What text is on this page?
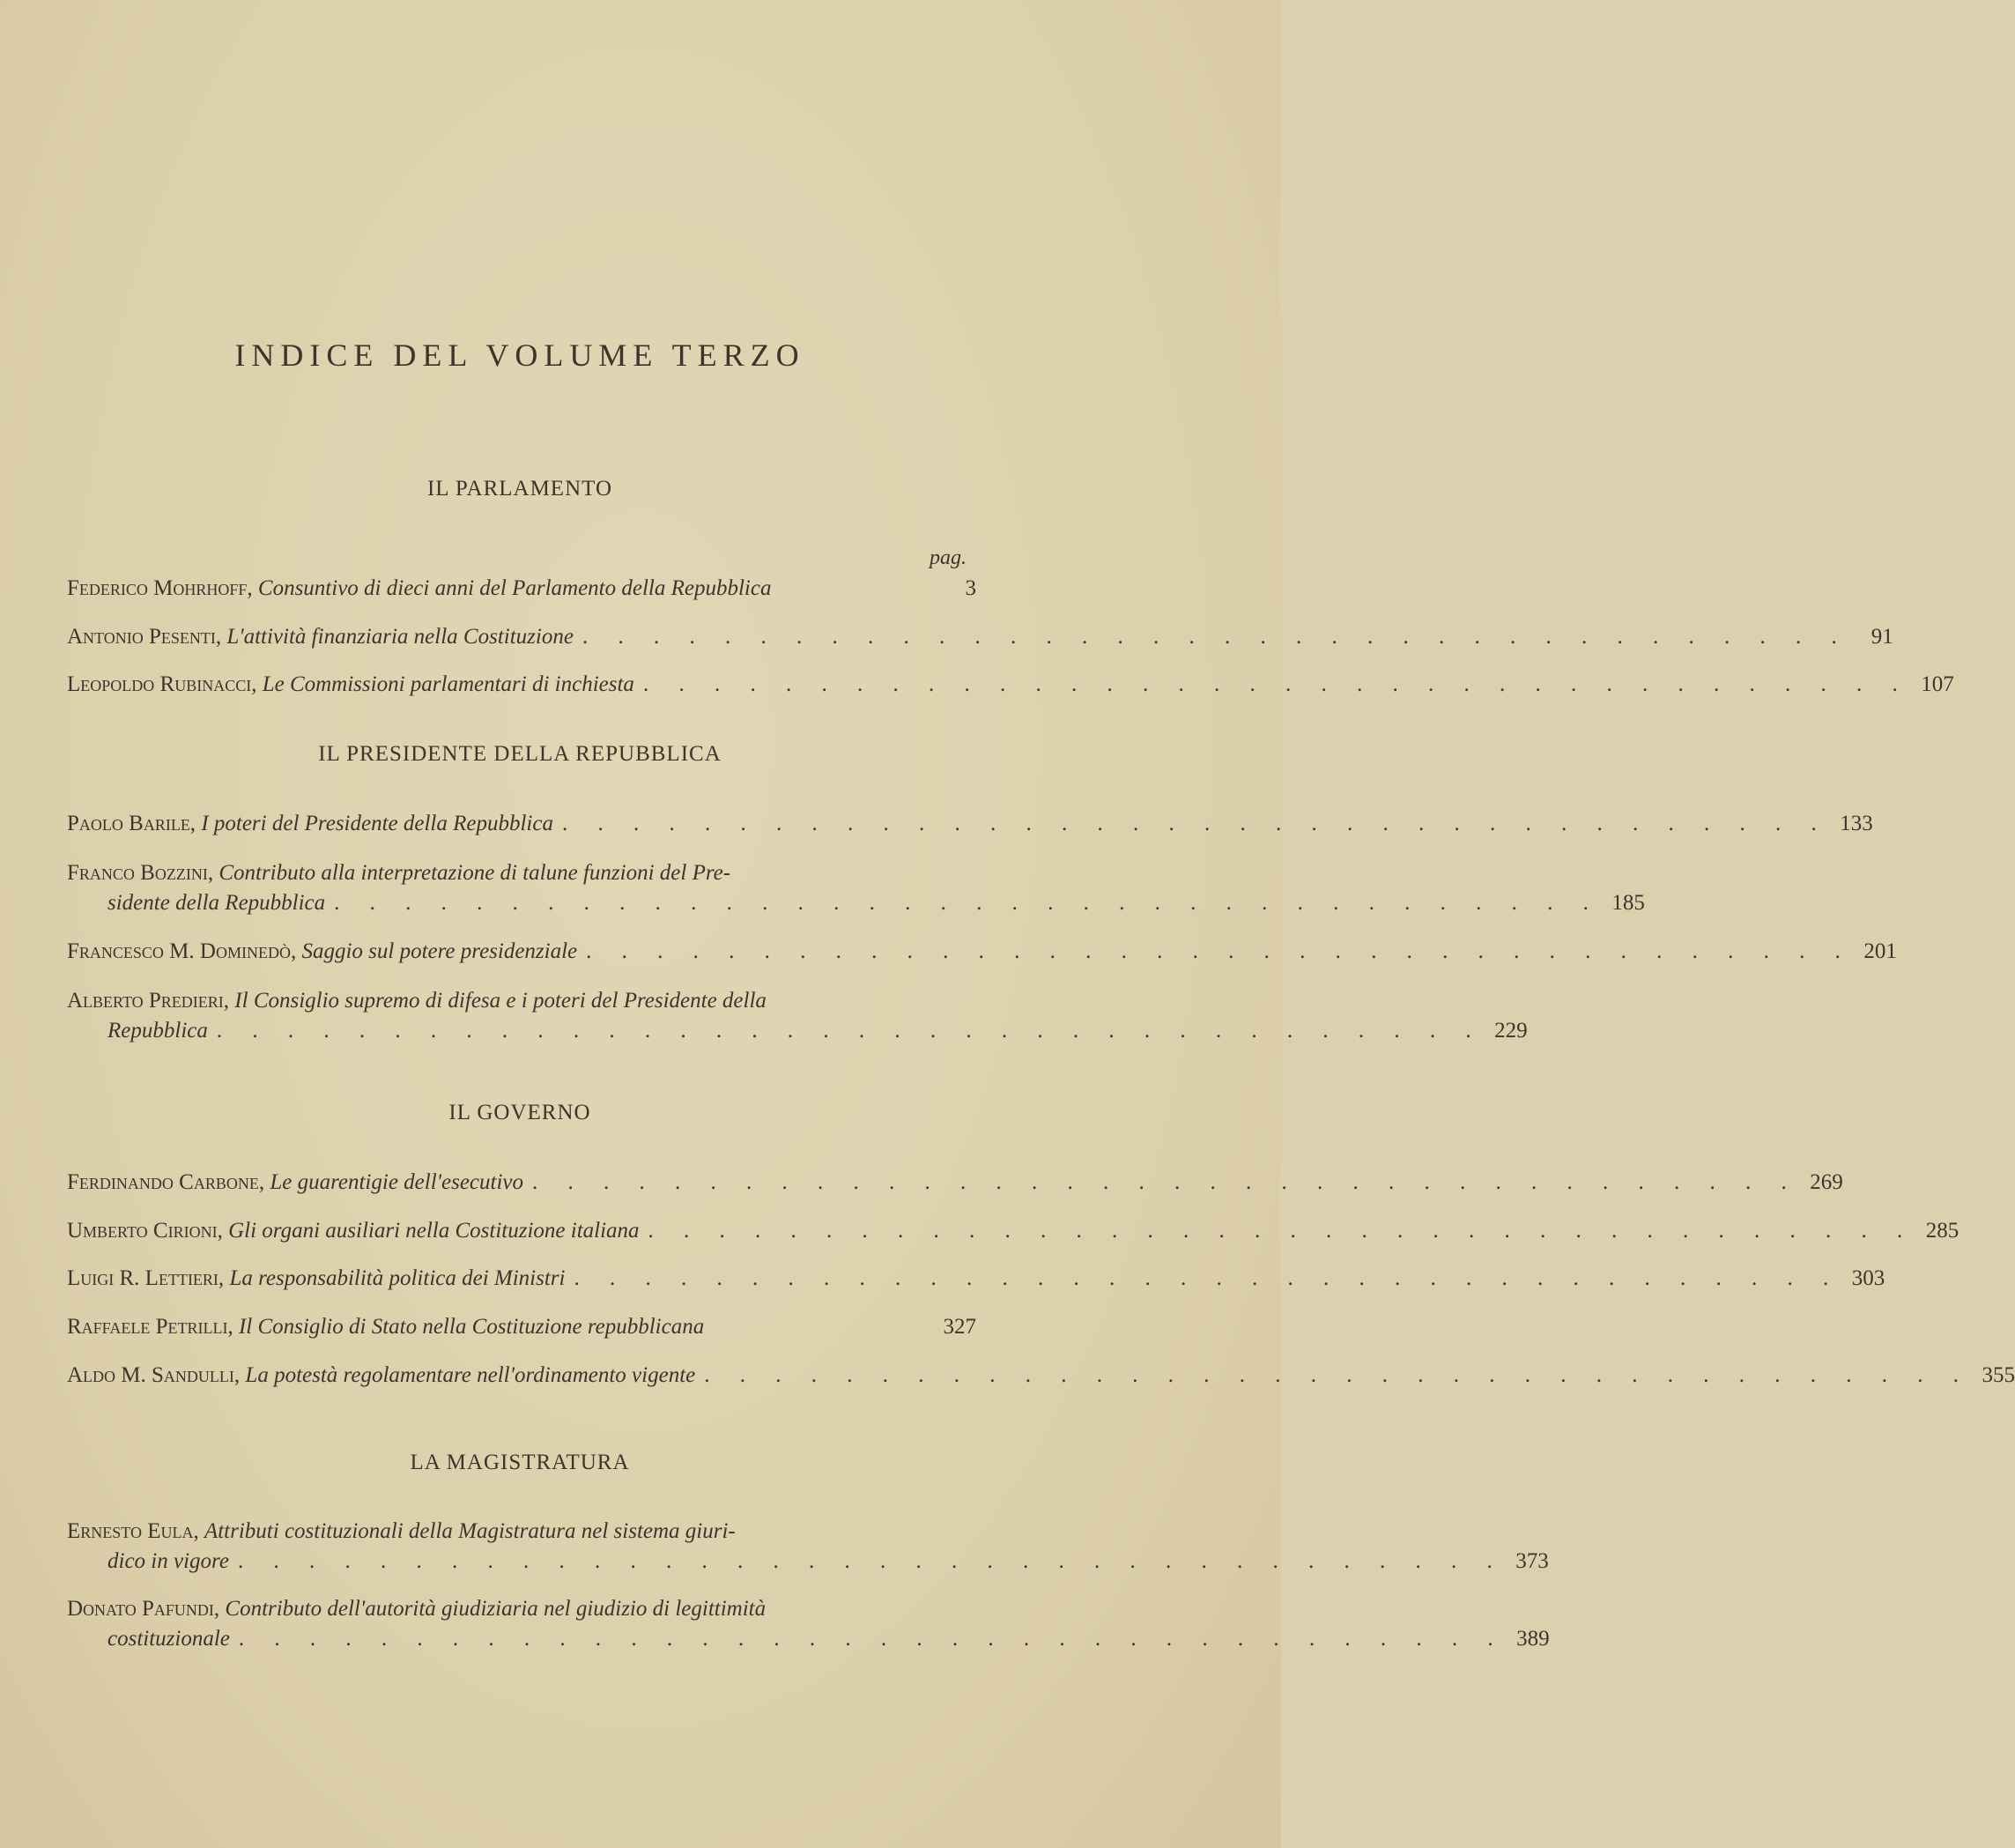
INDICE DEL VOLUME TERZO
pag.
IL PARLAMENTO
Federico Mohrhoff, Consuntivo di dieci anni del Parlamento della Repubblica	3
Antonio Pesenti, L'attività finanziaria nella Costituzione . . . . . . . . . . . . . . . . . . . . . . . . . . . . . . . . . . . .	91
Leopoldo Rubinacci, Le Commissioni parlamentari di inchiesta . . . . . . . . . . . . . . . . . . . . . . . . . . . . . . . . . . . . 107
IL PRESIDENTE DELLA REPUBBLICA
Paolo Barile, I poteri del Presidente della Repubblica . . . . . . . . . . . . . . . . . . . . . . . . . . . . . . . . . . . . 133
Franco Bozzini, Contributo alla interpretazione di talune funzioni del Pre-
sidente della Repubblica . . . . . . . . . . . . . . . . . . . . . . . . . . . . . . . . . . . . 185
Francesco M. Dominedò, Saggio sul potere presidenziale . . . . . . . . . . . . . . . . . . . . . . . . . . . . . . . . . . . . 201
Alberto Predieri, Il Consiglio supremo di difesa e i poteri del Presidente della
Repubblica . . . . . . . . . . . . . . . . . . . . . . . . . . . . . . . . . . . . 229
IL GOVERNO
Ferdinando Carbone, Le guarentigie dell'esecutivo . . . . . . . . . . . . . . . . . . . . . . . . . . . . . . . . . . . . 269
Umberto Cirioni, Gli organi ausiliari nella Costituzione italiana . . . . . . . . . . . . . . . . . . . . . . . . . . . . . . . . . . . . 285
Luigi R. Lettieri, La responsabilità politica dei Ministri . . . . . . . . . . . . . . . . . . . . . . . . . . . . . . . . . . . . 303
Raffaele Petrilli, Il Consiglio di Stato nella Costituzione repubblicana	327
Aldo M. Sandulli, La potestà regolamentare nell'ordinamento vigente . . . . . . . . . . . . . . . . . . . . . . . . . . . . . . . . . . . . 355
LA MAGISTRATURA
Ernesto Eula, Attributi costituzionali della Magistratura nel sistema giuri-
dico in vigore . . . . . . . . . . . . . . . . . . . . . . . . . . . . . . . . . . . . 373
Donato Pafundi, Contributo dell'autorità giudiziaria nel giudizio di legittimità
costituzionale . . . . . . . . . . . . . . . . . . . . . . . . . . . . . . . . . . . . 389
